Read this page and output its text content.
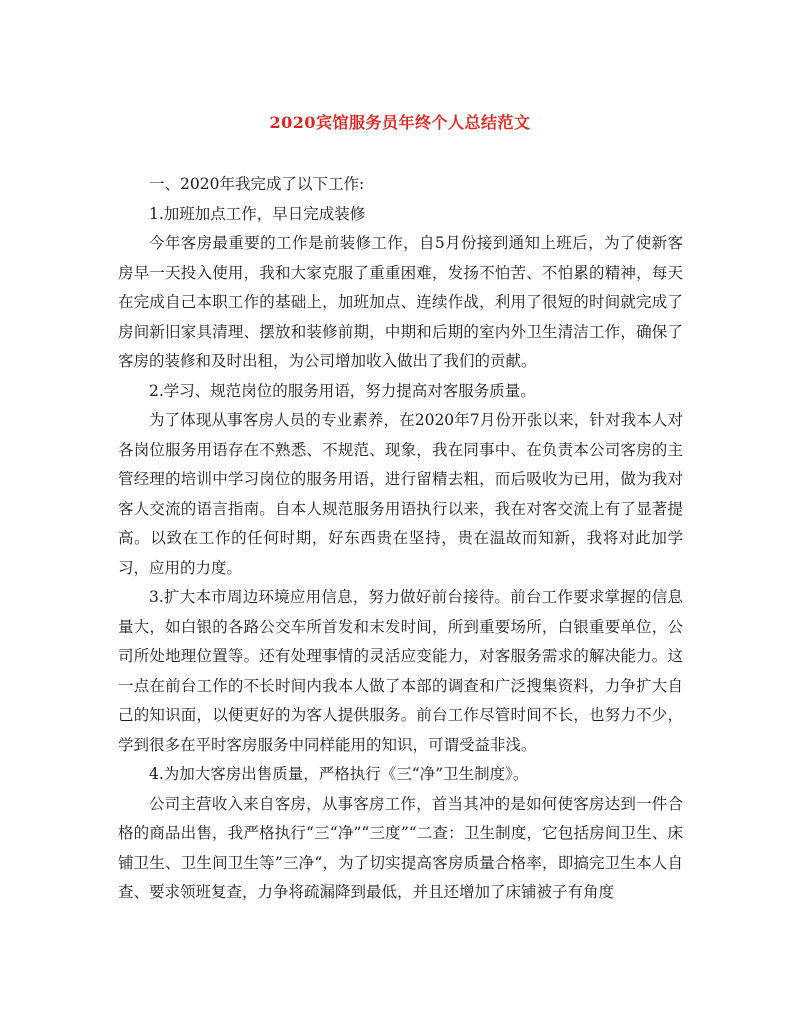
2020宾馆服务员年终个人总结范文

一、2020年我完成了以下工作:

1.加班加点工作，早日完成装修

今年客房最重要的工作是前装修工作，自5月份接到通知上班后，为了使新客房早一天投入使用，我和大家克服了重重困难，发扬不怕苦、不怕累的精神，每天在完成自己本职工作的基础上，加班加点、连续作战，利用了很短的时间就完成了房间新旧家具清理、摆放和装修前期，中期和后期的室内外卫生清洁工作，确保了客房的装修和及时出租，为公司增加收入做出了我们的贡献。

2.学习、规范岗位的服务用语，努力提高对客服务质量。

为了体现从事客房人员的专业素养，在2020年7月份开张以来，针对我本人对各岗位服务用语存在不熟悉、不规范、现象，我在同事中、在负责本公司客房的主管经理的培训中学习岗位的服务用语，进行留精去粗，而后吸收为已用，做为我对客人交流的语言指南。自本人规范服务用语执行以来，我在对客交流上有了显著提高。以致在工作的任何时期，好东西贵在坚持，贵在温故而知新，我将对此加学习，应用的力度。

3.扩大本市周边环境应用信息，努力做好前台接待。前台工作要求掌握的信息量大，如白银的各路公交车所首发和末发时间，所到重要场所，白银重要单位，公司所处地理位置等。还有处理事情的灵活应变能力，对客服务需求的解决能力。这一点在前台工作的不长时间内我本人做了本部的调查和广泛搜集资料，力争扩大自己的知识面，以便更好的为客人提供服务。前台工作尽管时间不长，也努力不少，学到很多在平时客房服务中同样能用的知识，可谓受益非浅。

4.为加大客房出售质量，严格执行《三“净”卫生制度》。

公司主营收入来自客房，从事客房工作，首当其冲的是如何使客房达到一件合格的商品出售，我严格执行“三“净”“三度”“二查：卫生制度，它包括房间卫生、床铺卫生、卫生间卫生等”三净“，为了切实提高客房质量合格率，即搞完卫生本人自查、要求领班复查，力争将疏漏降到最低，并且还增加了床铺被子有角度
